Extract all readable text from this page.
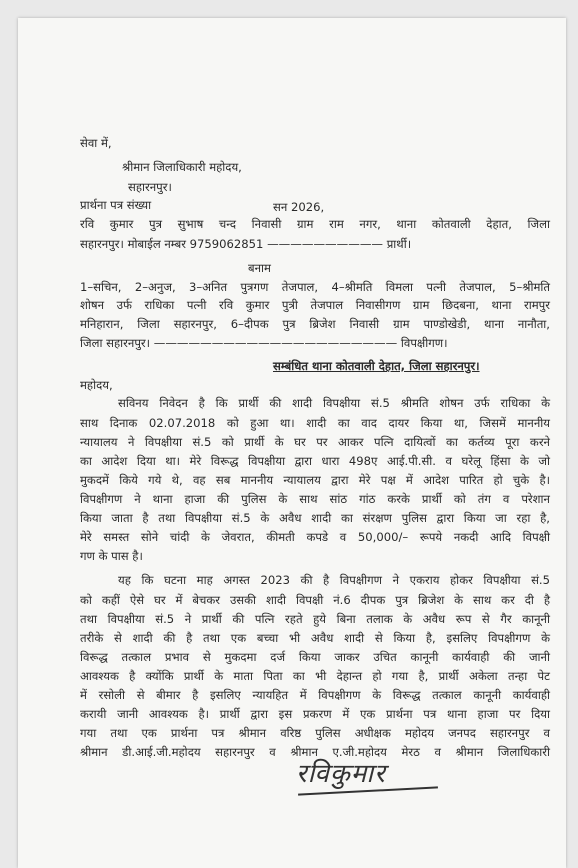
सेवा में,
श्रीमान जिलाधिकारी महोदय,
सहारनपुर।
प्रार्थना पत्र संख्या	सन 2026,
रवि कुमार पुत्र सुभाष चन्द निवासी ग्राम राम नगर, थाना कोतवाली देहात, जिला
सहारनपुर। मोबाईल नम्बर 9759062851 —————————— प्रार्थी।
बनाम
1–सचिन, 2–अनुज, 3–अनित पुत्रगण तेजपाल, 4–श्रीमति विमला पत्नी तेजपाल, 5–श्रीमति
शोषन उर्फ राधिका पत्नी रवि कुमार पुत्री तेजपाल निवासीगण ग्राम छिदबना, थाना रामपुर
मनिहारान, जिला सहारनपुर, 6–दीपक पुत्र ब्रिजेश निवासी ग्राम पाण्डोखेडी, थाना नानौता,
जिला सहारनपुर। ————————————————————— विपक्षीगण।
सम्बंधित थाना कोतवाली देहात, जिला सहारनपुर।
महोदय,
सविनय निवेदन है कि प्रार्थी की शादी विपक्षीया सं.5 श्रीमति शोषन उर्फ राधिका के
साथ दिनाक 02.07.2018 को हुआ था। शादी का वाद दायर किया था, जिसमें माननीय
न्यायालय ने विपक्षीया सं.5 को प्रार्थी के घर पर आकर पत्नि दायित्वों का कर्तव्य पूरा करने
का आदेश दिया था। मेरे विरूद्ध विपक्षीया द्वारा धारा 498ए आई.पी.सी. व घरेलू हिंसा के जो
मुकदमें किये गये थे, वह सब माननीय न्यायालय द्वारा मेरे पक्ष में आदेश पारित हो चुके है।
विपक्षीगण ने थाना हाजा की पुलिस के साथ सांठ गांठ करके प्रार्थी को तंग व परेशान
किया जाता है तथा विपक्षीया सं.5 के अवैध शादी का संरक्षण पुलिस द्वारा किया जा रहा है,
मेरे समस्त सोने चांदी के जेवरात, कीमती कपडे व 50,000/– रूपये नकदी आदि विपक्षी
गण के पास है।
यह कि घटना माह अगस्त 2023 की है विपक्षीगण ने एकराय होकर विपक्षीया सं.5
को कहीं ऐसे घर में बेचकर उसकी शादी विपक्षी नं.6 दीपक पुत्र ब्रिजेश के साथ कर दी है
तथा विपक्षीया सं.5 ने प्रार्थी की पत्नि रहते हुये बिना तलाक के अवैध रूप से गैर कानूनी
तरीके से शादी की है तथा एक बच्चा भी अवैध शादी से किया है, इसलिए विपक्षीगण के
विरूद्ध तत्काल प्रभाव से मुकदमा दर्ज किया जाकर उचित कानूनी कार्यवाही की जानी
आवश्यक है क्योंकि प्रार्थी के माता पिता का भी देहान्त हो गया है, प्रार्थी अकेला तन्हा पेट
में रसोली से बीमार है इसलिए न्यायहित में विपक्षीगण के विरूद्ध तत्काल कानूनी कार्यवाही
करायी जानी आवश्यक है। प्रार्थी द्वारा इस प्रकरण में एक प्रार्थना पत्र थाना हाजा पर दिया
गया तथा एक प्रार्थना पत्र श्रीमान वरिष्ठ पुलिस अधीक्षक महोदय जनपद सहारनपुर व
श्रीमान डी.आई.जी.महोदय सहारनपुर व श्रीमान ए.जी.महोदय मेरठ व श्रीमान जिलाधिकारी
रविकुमार
